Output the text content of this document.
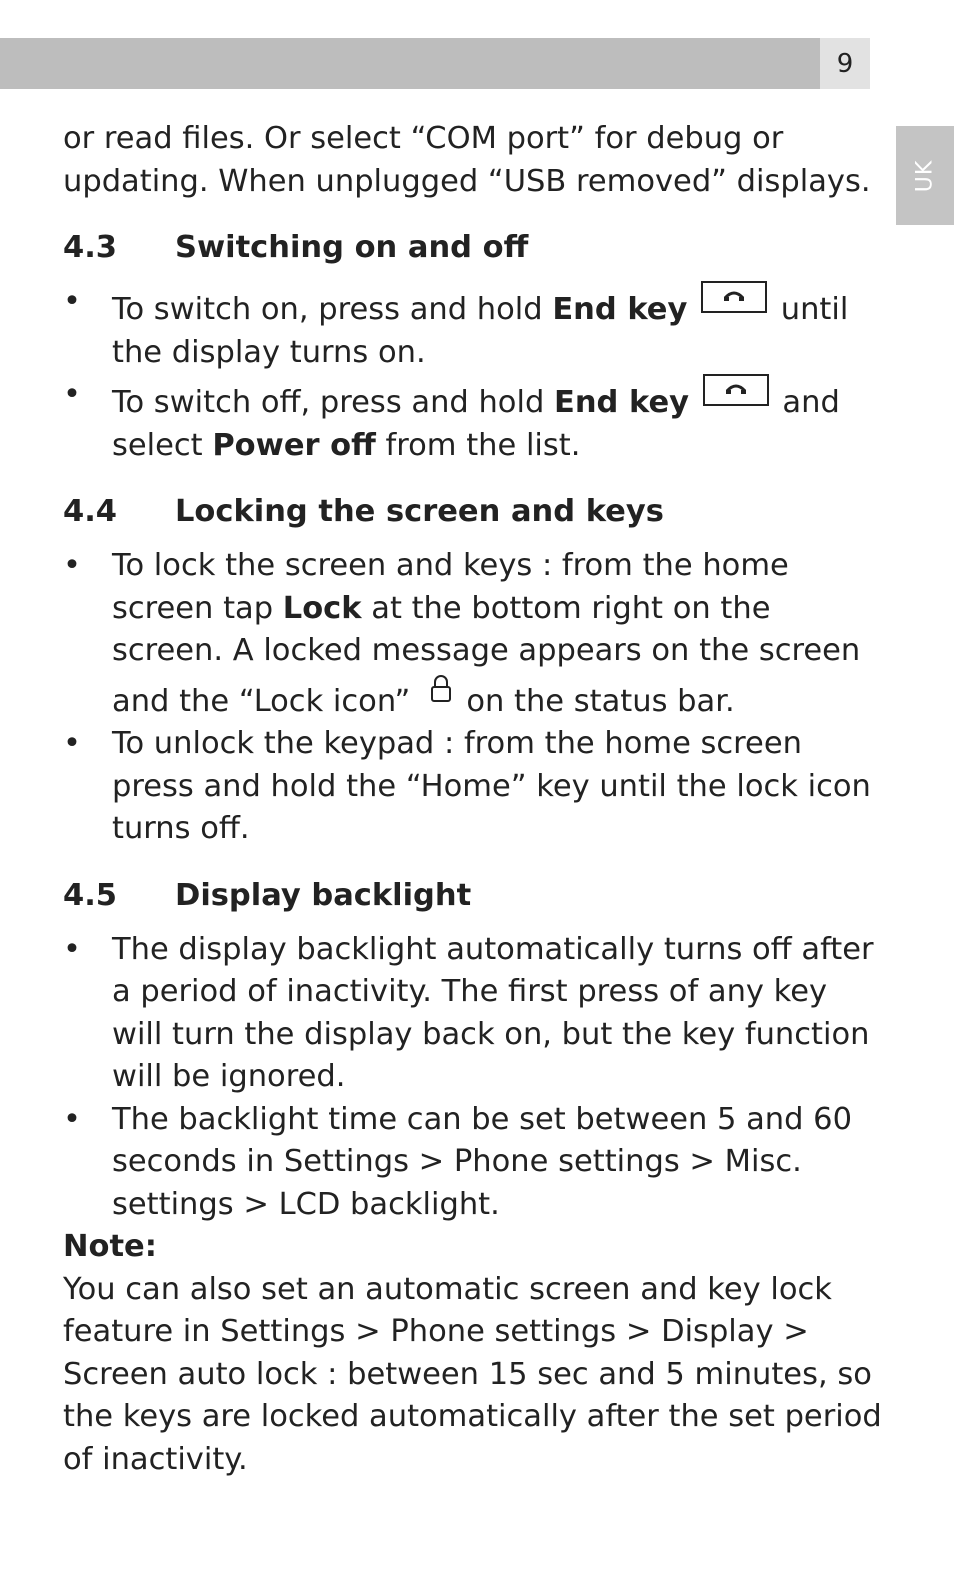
9
UK

or read files. Or select “COM port” for debug or updating. When unplugged “USB removed” displays.

4.3 Switching on and off
• To switch on, press and hold End key	until the display turns on.
• To switch off, press and hold End key	and select Power off from the list.
4.4 Locking the screen and keys
• To lock the screen and keys : from the home screen tap Lock at the bottom right on the screen. A locked message appears on the screen and the “Lock icon” on the status bar.
• To unlock the keypad : from the home screen press and hold the “Home” key until the lock icon turns off.
4.5 Display backlight
• The display backlight automatically turns off after a period of inactivity. The first press of any key will turn the display back on, but the key function will be ignored.
• The backlight time can be set between 5 and 60 seconds in Settings > Phone settings > Misc. settings > LCD backlight.

Note:

You can also set an automatic screen and key lock feature in Settings > Phone settings > Display > Screen auto lock : between 15 sec and 5 minutes, so the keys are locked automatically after the set period of inactivity.
